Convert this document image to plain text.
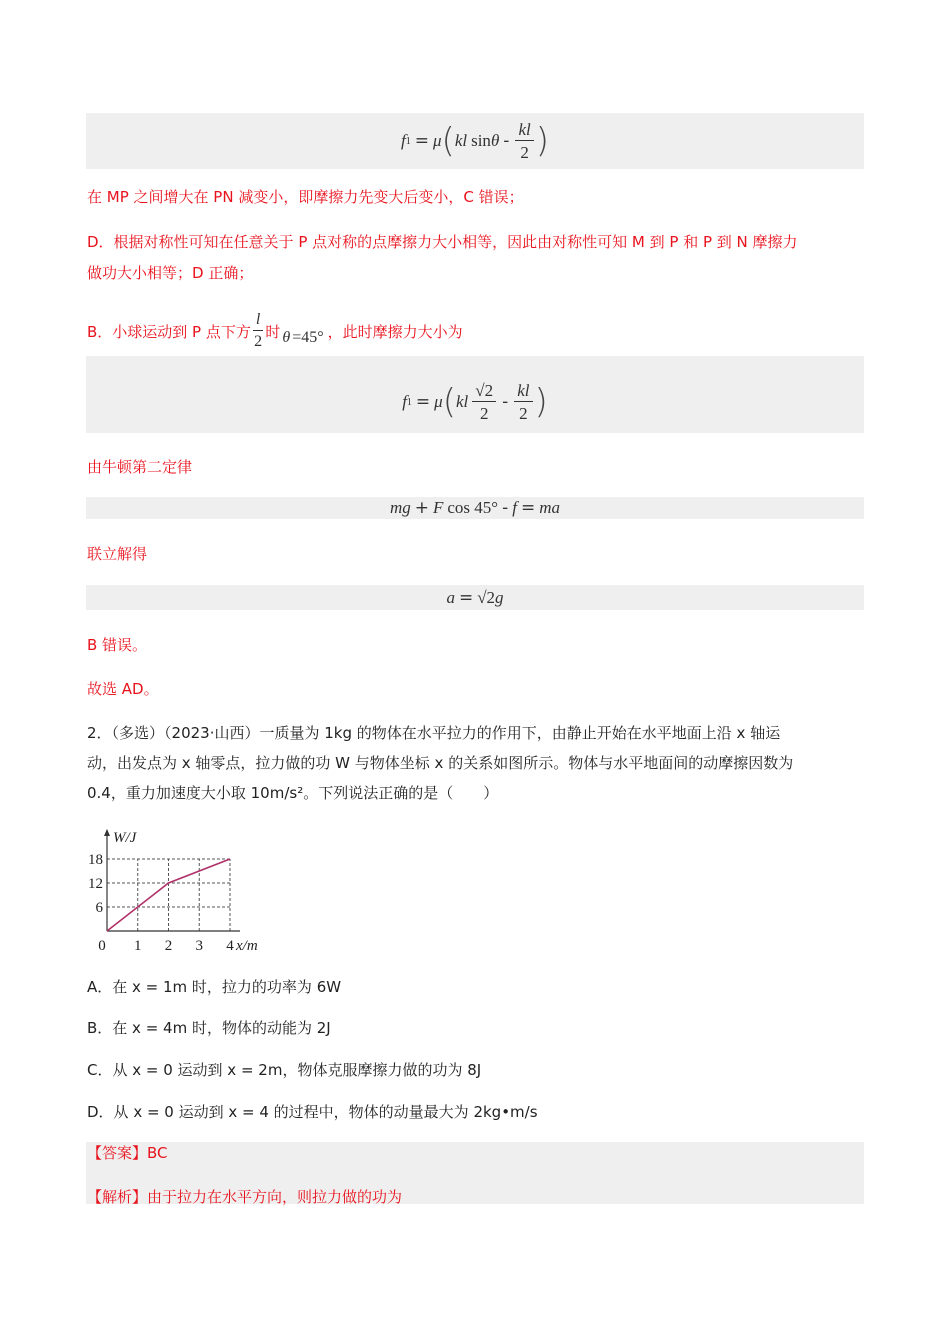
f 1 = μ ( kl sin θ - $\frac{kl}{2}$ )
在 MP 之间增大在 PN 减变小，即摩擦力先变大后变小，C 错误；
D．根据对称性可知在任意关于 P 点对称的点摩擦力大小相等，因此由对称性可知 M 到 P 和 P 到 N 摩擦力
做功大小相等；D 正确；
B．小球运动到 P 点下方 $\frac{l}{2}$ 时 θ =45° ，此时摩擦力大小为
f 1 = μ ( kl $\frac{√2}{2} - \frac{kl}{2}$ )
由牛顿第二定律
mg + F cos 45° - f = ma
联立解得
a = √2 g
B 错误。
故选 AD。
2．（多选）（2023·山西）一质量为 1kg 的物体在水平拉力的作用下，由静止开始在水平地面上沿 x 轴运
动，出发点为 x 轴零点，拉力做的功 W 与物体坐标 x 的关系如图所示。物体与水平地面间的动摩擦因数为
0.4，重力加速度大小取 10m/s²。下列说法正确的是（　　）
0 1 2 3 4
6
12
18
W/J
x/m
A．在 x = 1m 时，拉力的功率为 6W
B．在 x = 4m 时，物体的动能为 2J
C．从 x = 0 运动到 x = 2m，物体克服摩擦力做的功为 8J
D．从 x = 0 运动到 x = 4 的过程中，物体的动量最大为 2kg•m/s
【答案】BC
【解析】由于拉力在水平方向，则拉力做的功为
